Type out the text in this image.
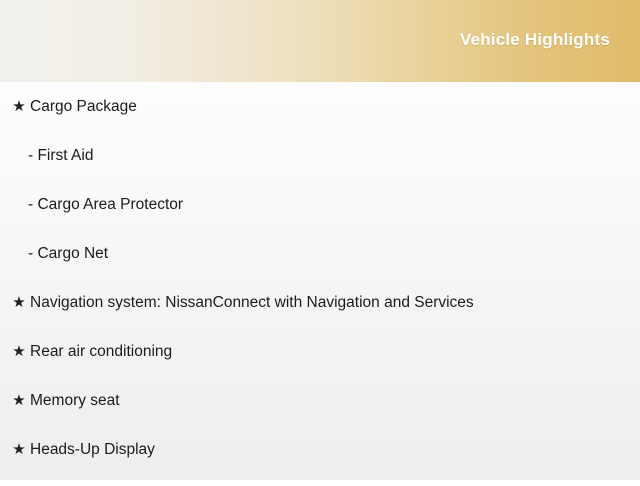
Vehicle Highlights
★ Cargo Package
- First Aid
- Cargo Area Protector
- Cargo Net
★ Navigation system: NissanConnect with Navigation and Services
★ Rear air conditioning
★ Memory seat
★ Heads-Up Display
